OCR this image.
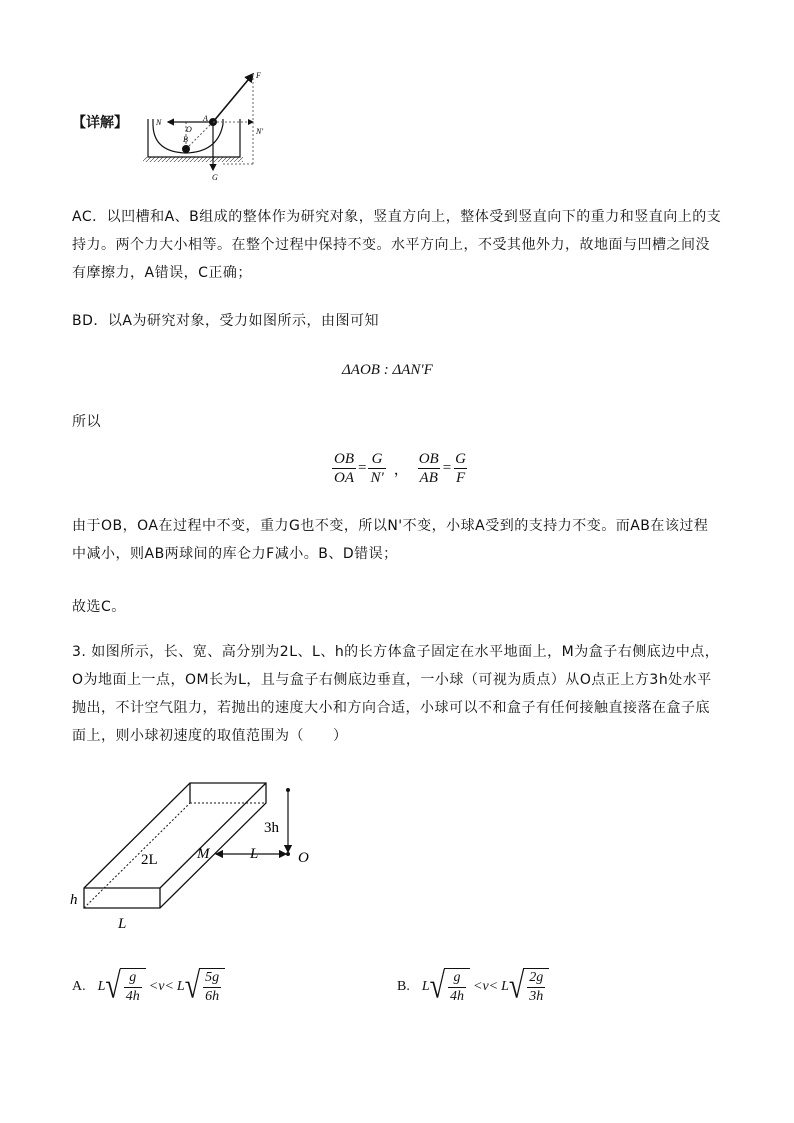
【详解】
F
N
N'
O
A
B
G
AC．以凹槽和A、B组成的整体作为研究对象，竖直方向上，整体受到竖直向下的重力和竖直向上的支持力。两个力大小相等。在整个过程中保持不变。水平方向上，不受其他外力，故地面与凹槽之间没有摩擦力，A错误，C正确；
BD．以A为研究对象，受力如图所示，由图可知
ΔAOB : ΔAN'F
所以
$\frac{OB}{OA} = \frac{G}{N'}$ ， $\frac{OB}{AB} = \frac{G}{F}$
由于OB，OA在过程中不变，重力G也不变，所以N'不变，小球A受到的支持力不变。而AB在该过程中减小，则AB两球间的库仑力F减小。B、D错误；
故选C。
3. 如图所示，长、宽、高分别为2L、L、h的长方体盒子固定在水平地面上，M为盒子右侧底边中点，O为地面上一点，OM长为L，且与盒子右侧底边垂直，一小球（可视为质点）从O点正上方3h处水平抛出，不计空气阻力，若抛出的速度大小和方向合适，小球可以不和盒子有任何接触直接落在盒子底面上，则小球初速度的取值范围为（　　）
2L	M	L	O
3h
h
L
A. L √ $\frac{g}{4h} <v< L$ √ $\frac{5g}{6h}$	B. L √ $\frac{g}{4h} <v< L$ √ $\frac{2g}{3h}$
